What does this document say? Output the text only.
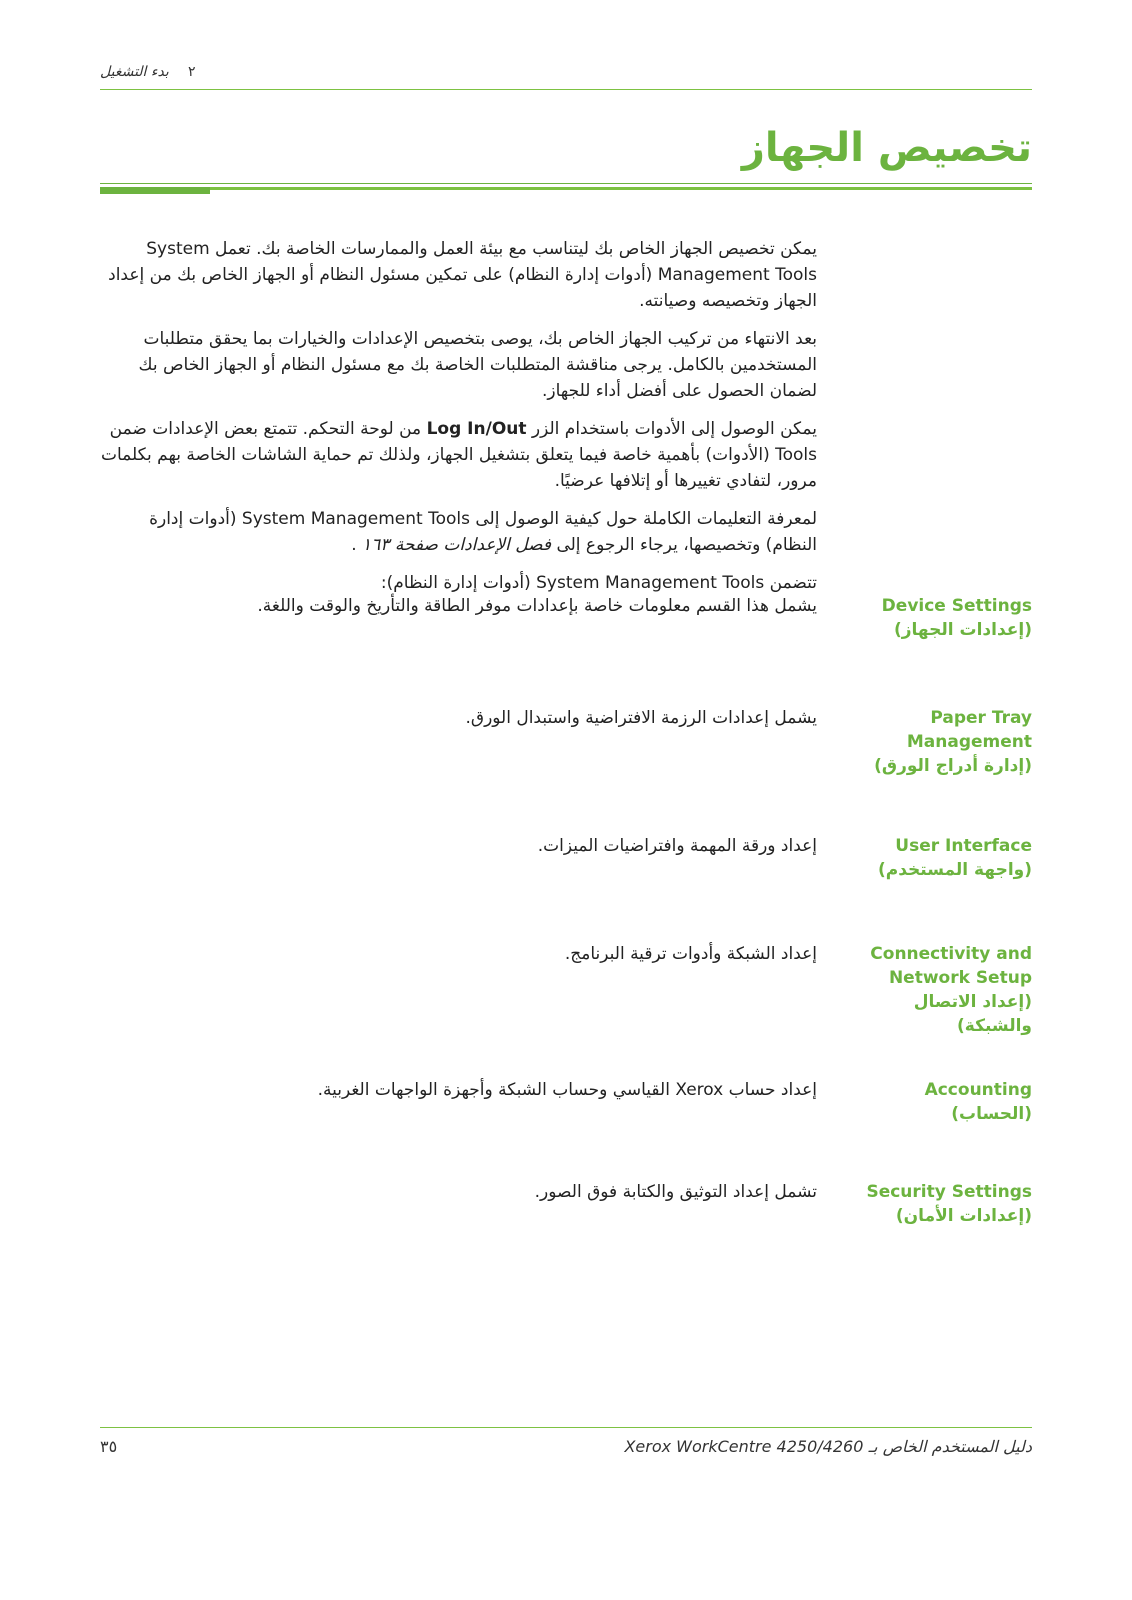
بدء التشغيل ٢
تخصيص الجهاز

يمكن تخصيص الجهاز الخاص بك ليتناسب مع بيئة العمل والممارسات الخاصة بك. تعمل System Management Tools (أدوات إدارة النظام) على تمكين مسئول النظام أو الجهاز الخاص بك من إعداد الجهاز وتخصيصه وصيانته.

بعد الانتهاء من تركيب الجهاز الخاص بك، يوصى بتخصيص الإعدادات والخيارات بما يحقق متطلبات المستخدمين بالكامل. يرجى مناقشة المتطلبات الخاصة بك مع مسئول النظام أو الجهاز الخاص بك لضمان الحصول على أفضل أداء للجهاز.

يمكن الوصول إلى الأدوات باستخدام الزر Log In/Out من لوحة التحكم. تتمتع بعض الإعدادات ضمن Tools (الأدوات) بأهمية خاصة فيما يتعلق بتشغيل الجهاز، ولذلك تم حماية الشاشات الخاصة بهم بكلمات مرور، لتفادي تغييرها أو إتلافها عرضيًا.

لمعرفة التعليمات الكاملة حول كيفية الوصول إلى System Management Tools (أدوات إدارة النظام) وتخصيصها، يرجاء الرجوع إلى فصل الإعدادات صفحة ١٦٣ .

تتضمن System Management Tools (أدوات إدارة النظام):

Device Settings
(إعدادات الجهاز)
يشمل هذا القسم معلومات خاصة بإعدادات موفر الطاقة والتأريخ والوقت واللغة.
Paper Tray Management
(إدارة أدراج الورق)
يشمل إعدادات الرزمة الافتراضية واستبدال الورق.
User Interface
(واجهة المستخدم)
إعداد ورقة المهمة وافتراضيات الميزات.
Connectivity and Network Setup
(إعداد الاتصال والشبكة)
إعداد الشبكة وأدوات ترقية البرنامج.
Accounting
(الحساب)
إعداد حساب Xerox القياسي وحساب الشبكة وأجهزة الواجهات الغربية.
Security Settings
(إعدادات الأمان)
تشمل إعداد التوثيق والكتابة فوق الصور.
دليل المستخدم الخاص بـ Xerox WorkCentre 4250/4260
٣٥
